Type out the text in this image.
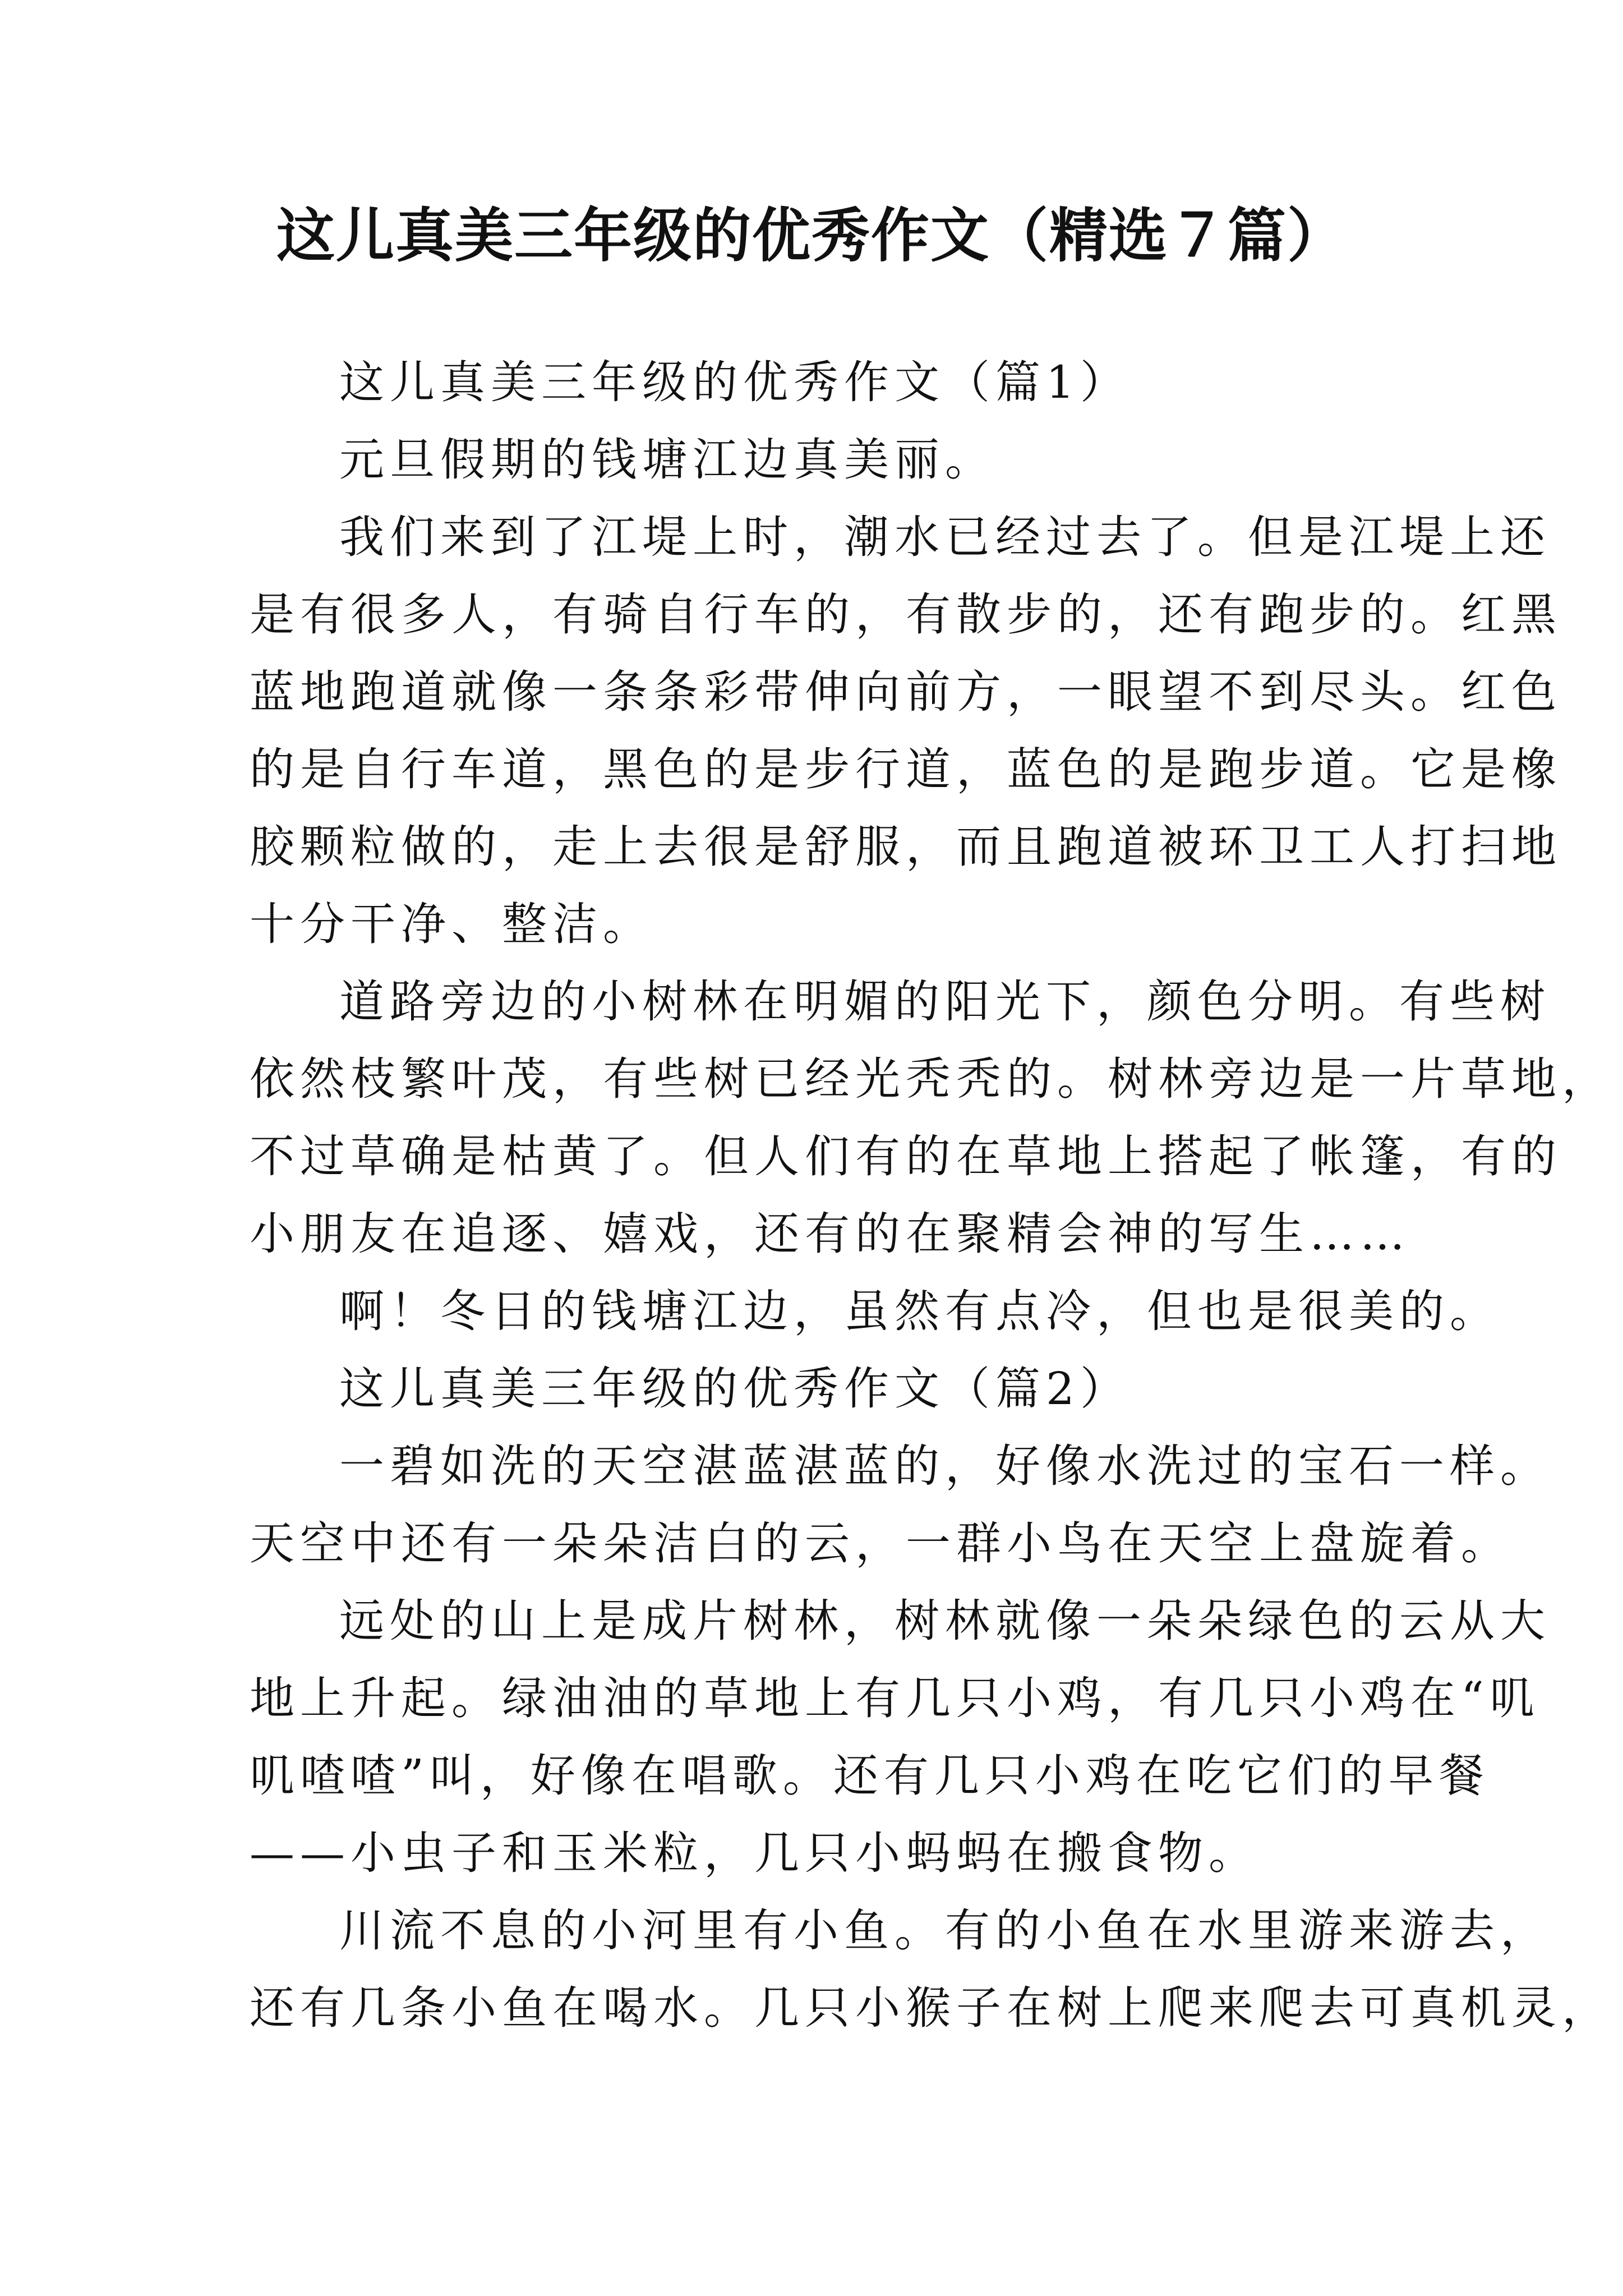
这儿真美三年级的优秀作文（精选７篇）
这儿真美三年级的优秀作文（篇1）
元旦假期的钱塘江边真美丽。
我们来到了江堤上时，潮水已经过去了。但是江堤上还
是有很多人，有骑自行车的，有散步的，还有跑步的。红黑
蓝地跑道就像一条条彩带伸向前方，一眼望不到尽头。红色
的是自行车道，黑色的是步行道，蓝色的是跑步道。它是橡
胶颗粒做的，走上去很是舒服，而且跑道被环卫工人打扫地
十分干净、整洁。
道路旁边的小树林在明媚的阳光下，颜色分明。有些树
依然枝繁叶茂，有些树已经光秃秃的。树林旁边是一片草地，
不过草确是枯黄了。但人们有的在草地上搭起了帐篷，有的
小朋友在追逐、嬉戏，还有的在聚精会神的写生……
啊！冬日的钱塘江边，虽然有点冷，但也是很美的。
这儿真美三年级的优秀作文（篇2）
一碧如洗的天空湛蓝湛蓝的，好像水洗过的宝石一样。
天空中还有一朵朵洁白的云，一群小鸟在天空上盘旋着。
远处的山上是成片树林，树林就像一朵朵绿色的云从大
地上升起。绿油油的草地上有几只小鸡，有几只小鸡在“叽
叽喳喳”叫，好像在唱歌。还有几只小鸡在吃它们的早餐
——小虫子和玉米粒，几只小蚂蚂在搬食物。
川流不息的小河里有小鱼。有的小鱼在水里游来游去，
还有几条小鱼在喝水。几只小猴子在树上爬来爬去可真机灵，
